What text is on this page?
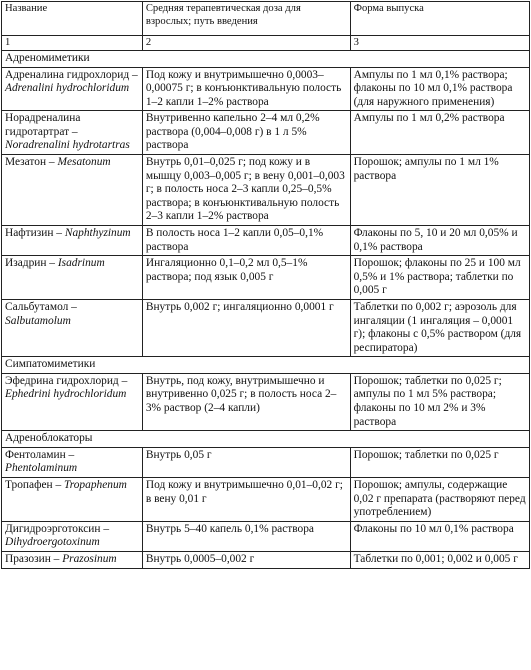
Название	Средняя терапевтическая доза для взрослых; путь введения	Форма выпуска
1	2	3
Адреномиметики		
Адреналина гидрохлорид – Adrenalini hydrochloridum	Под кожу и внутримышечно 0,0003–0,00075 г; в конъюнктивальную полость 1–2 капли 1–2% раствора	Ампулы по 1 мл 0,1% раствора; флаконы по 10 мл 0,1% раствора (для наружного применения)
Норадреналина гидротартрат – Noradrenalini hydrotartras	Внутривенно капельно 2–4 мл 0,2% раствора (0,004–0,008 г) в 1 л 5% раствора	Ампулы по 1 мл 0,2% раствора
Мезатон – Mesatonum	Внутрь 0,01–0,025 г; под кожу и в мышцу 0,003–0,005 г; в вену 0,001–0,003 г; в полость носа 2–3 капли 0,25–0,5% раствора; в конъюнктивальную полость 2–3 капли 1–2% раствора	Порошок; ампулы по 1 мл 1% раствора
Нафтизин – Naphthyzinum	В полость носа 1–2 капли 0,05–0,1% раствора	Флаконы по 5, 10 и 20 мл 0,05% и 0,1% раствора
Изадрин – Isadrinum	Ингаляционно 0,1–0,2 мл 0,5–1% раствора; под язык 0,005 г	Порошок; флаконы по 25 и 100 мл 0,5% и 1% раствора; таблетки по 0,005 г
Сальбутамол – Salbutamolum	Внутрь 0,002 г; ингаляционно 0,0001 г	Таблетки по 0,002 г; аэрозоль для ингаляции (1 ингаляция – 0,0001 г); флаконы с 0,5% раствором (для респиратора)
Симпатомиметики		
Эфедрина гидрохлорид – Ephedrini hydrochloridum	Внутрь, под кожу, внутримышечно и внутривенно 0,025 г; в полость носа 2–3% раствор (2–4 капли)	Порошок; таблетки по 0,025 г; ампулы по 1 мл 5% раствора; флаконы по 10 мл 2% и 3% раствора
Адреноблокаторы		
Фентоламин – Phentolaminum	Внутрь 0,05 г	Порошок; таблетки по 0,025 г
Тропафен – Tropaphenum	Под кожу и внутримышечно 0,01–0,02 г; в вену 0,01 г	Порошок; ампулы, содержащие 0,02 г препарата (растворяют перед употреблением)
Дигидроэрготоксин – Dihydroergotoxinum	Внутрь 5–40 капель 0,1% раствора	Флаконы по 10 мл 0,1% раствора
Празозин – Prazosinum	Внутрь 0,0005–0,002 г	Таблетки по 0,001; 0,002 и 0,005 г
